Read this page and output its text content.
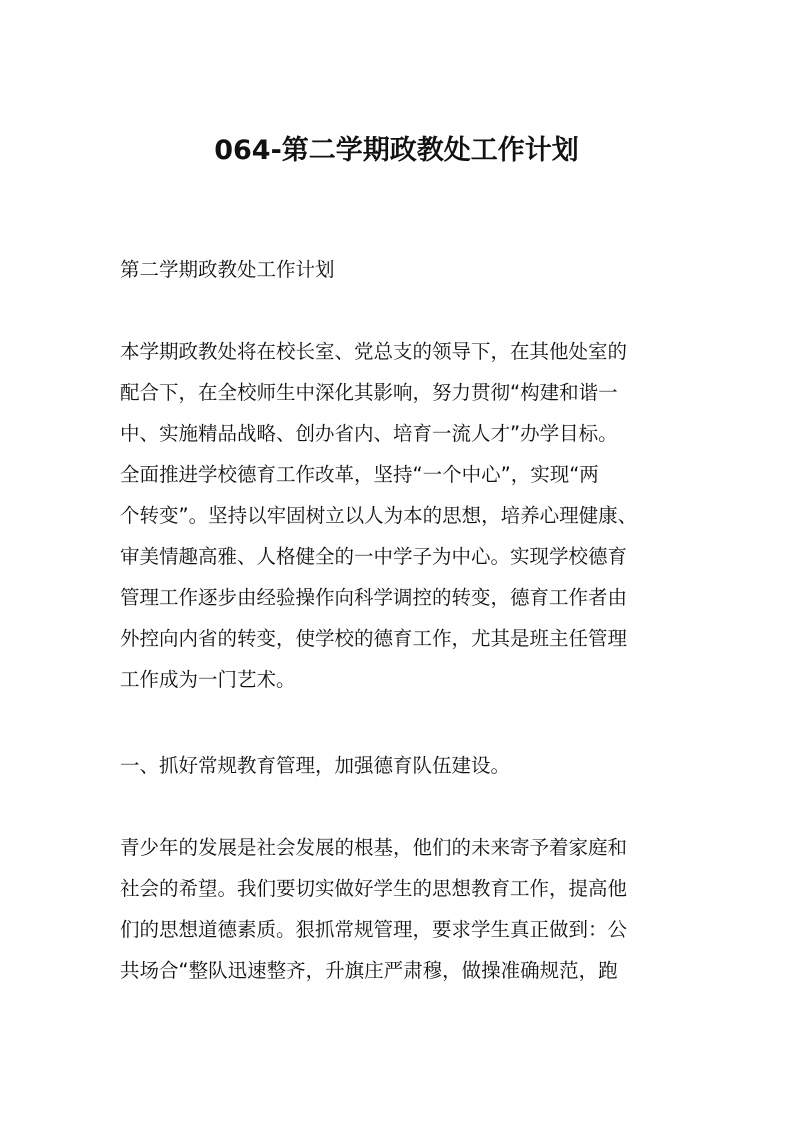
064-第二学期政教处工作计划

第二学期政教处工作计划

本学期政教处将在校长室、党总支的领导下，在其他处室的

配合下，在全校师生中深化其影响，努力贯彻“构建和谐一

中、实施精品战略、创办省内、培育一流人才”办学目标。

全面推进学校德育工作改革，坚持“一个中心”，实现“两

个转变”。坚持以牢固树立以人为本的思想，培养心理健康、

审美情趣高雅、人格健全的一中学子为中心。实现学校德育

管理工作逐步由经验操作向科学调控的转变，德育工作者由

外控向内省的转变，使学校的德育工作，尤其是班主任管理

工作成为一门艺术。

一、抓好常规教育管理，加强德育队伍建设。

青少年的发展是社会发展的根基，他们的未来寄予着家庭和

社会的希望。我们要切实做好学生的思想教育工作，提高他

们的思想道德素质。狠抓常规管理，要求学生真正做到：公

共场合“整队迅速整齐，升旗庄严肃穆，做操准确规范，跑
